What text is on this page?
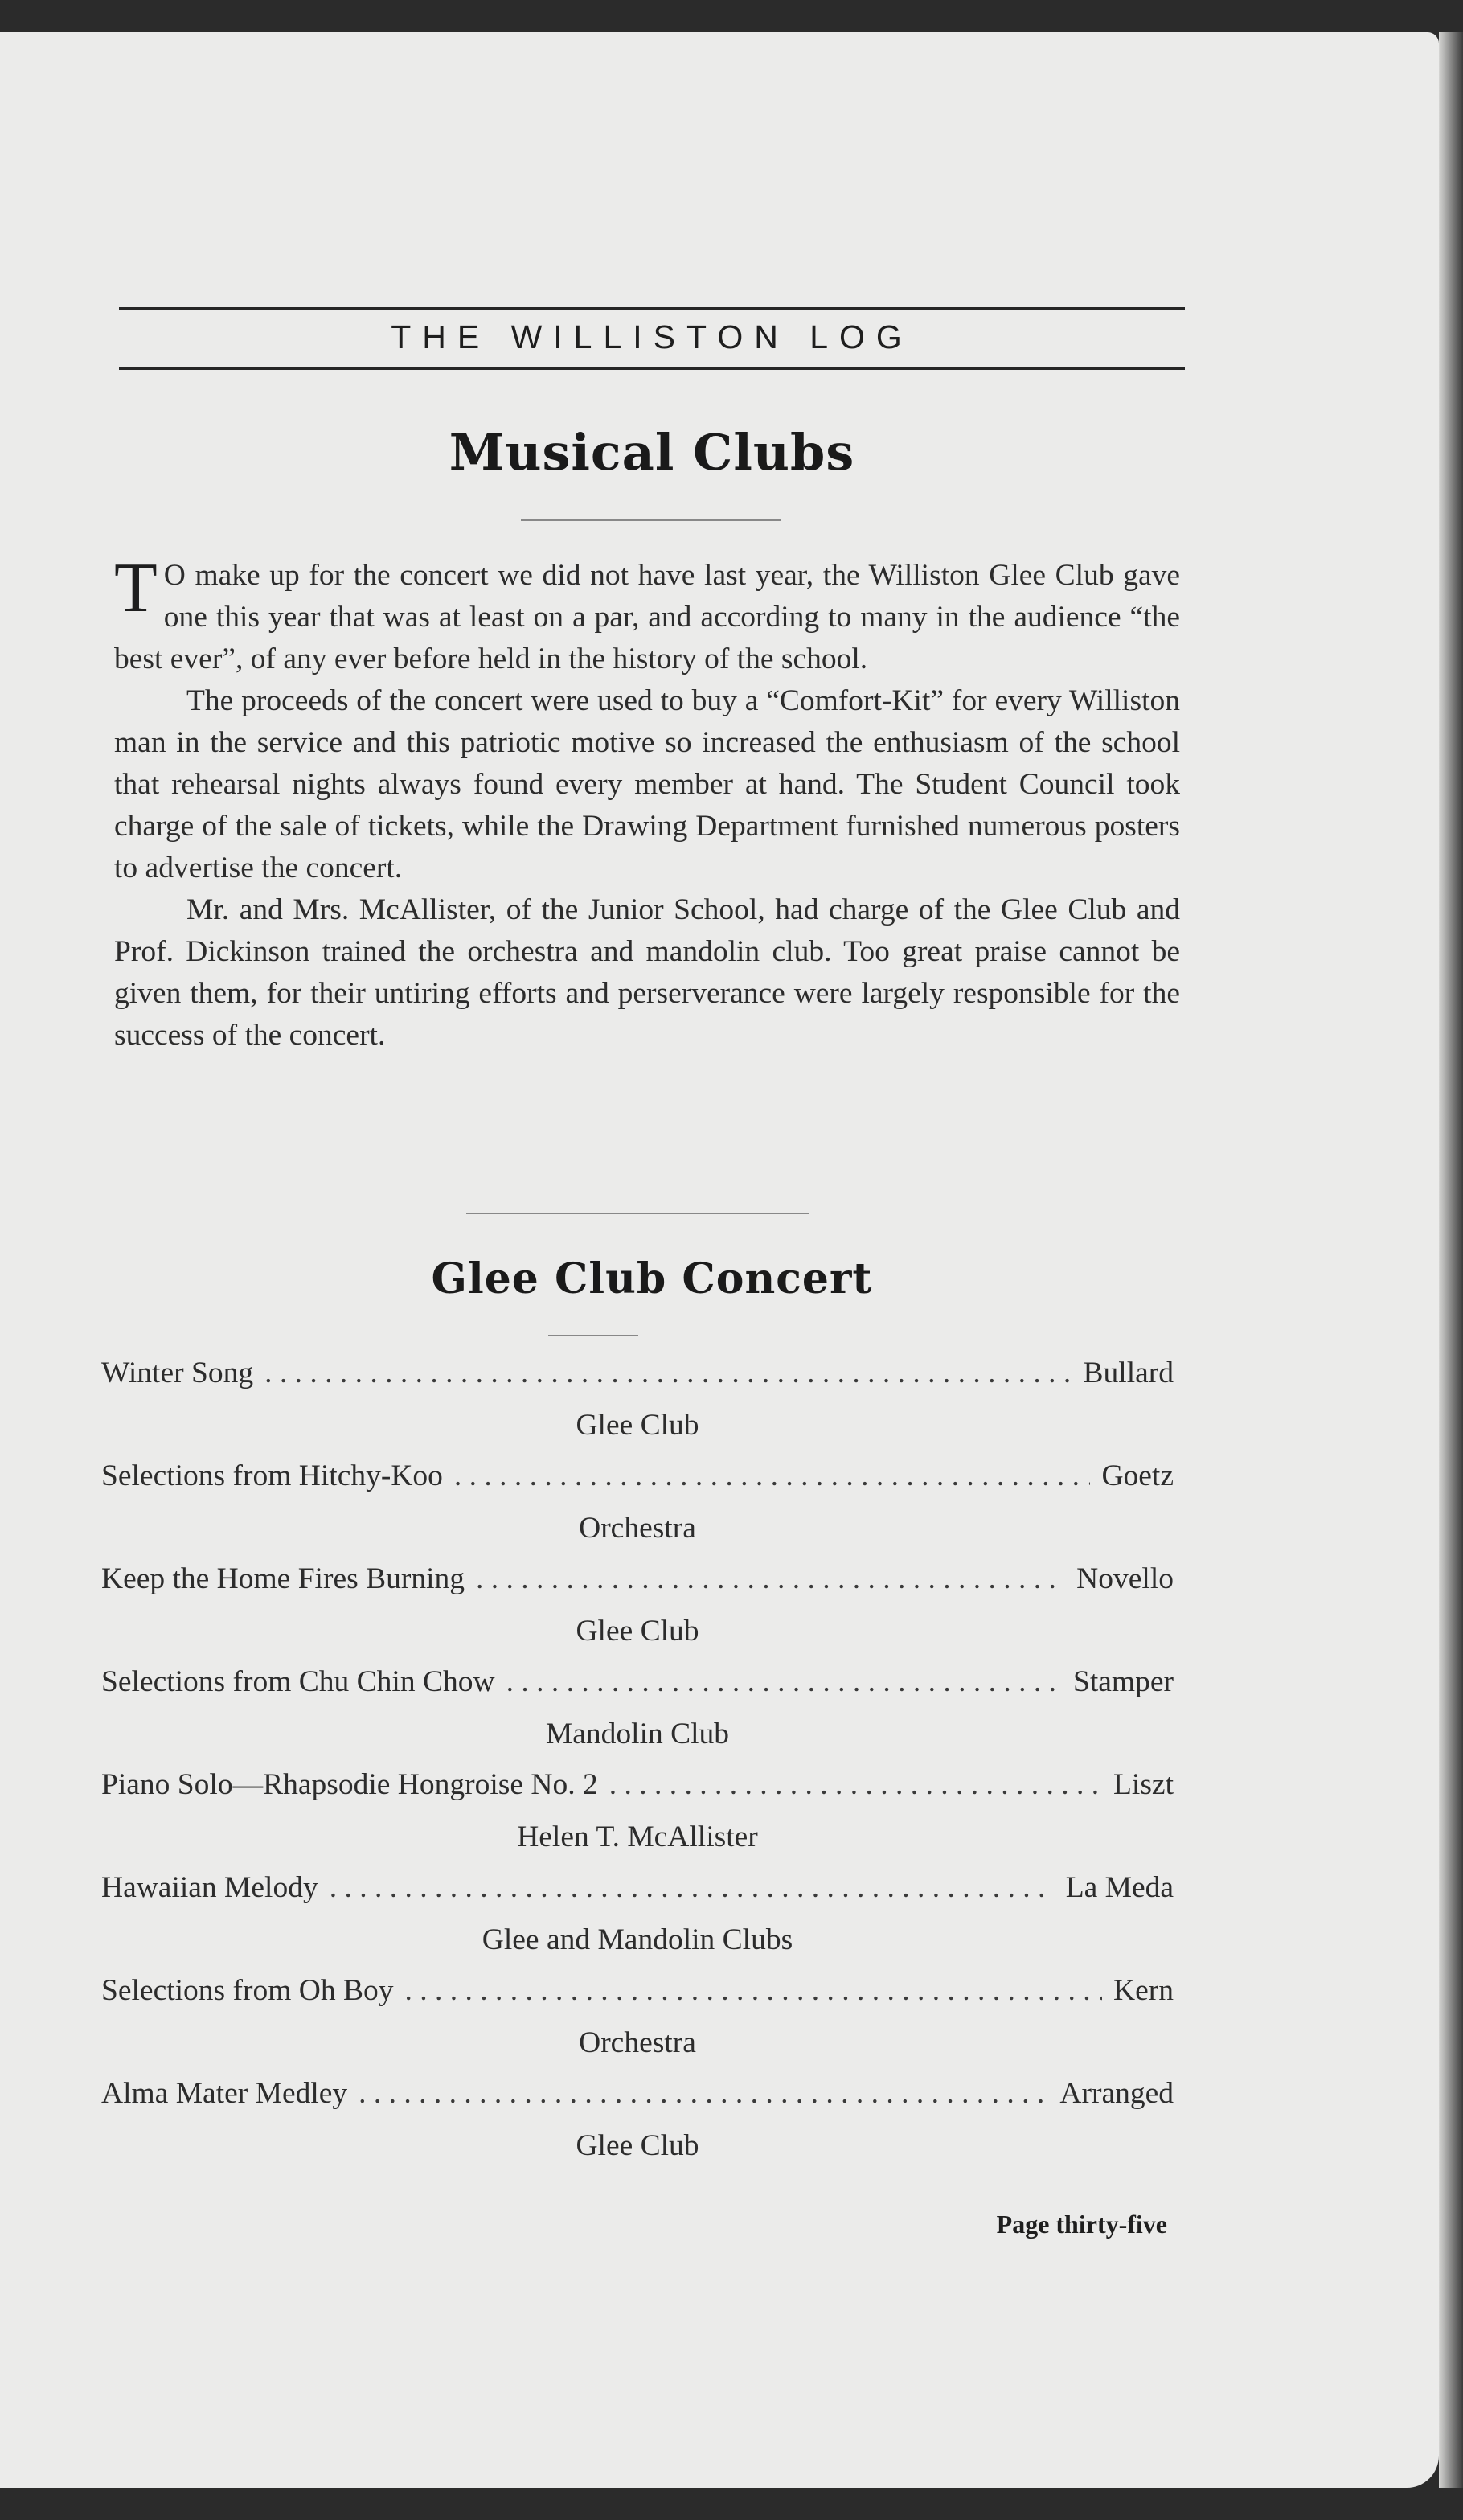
THE WILLISTON LOG
Musical Clubs

T O make up for the concert we did not have last year, the Williston Glee Club gave one this year that was at least on a par, and according to many in the audience “the best ever”, of any ever before held in the history of the school.

The proceeds of the concert were used to buy a “Comfort-Kit” for every Williston man in the service and this patriotic motive so increased the enthusiasm of the school that rehearsal nights always found every member at hand. The Student Council took charge of the sale of tickets, while the Drawing Department furnished numerous posters to advertise the concert.

Mr. and Mrs. McAllister, of the Junior School, had charge of the Glee Club and Prof. Dickinson trained the orchestra and mandolin club. Too great praise cannot be given them, for their untiring efforts and perserverance were largely responsible for the success of the concert.

Glee Club Concert
Winter Song . . .	Bullard
Glee Club
Selections from Hitchy-Koo . . .	Goetz
Orchestra
Keep the Home Fires Burning . . .	Novello
Glee Club
Selections from Chu Chin Chow . . .	Stamper
Mandolin Club
Piano Solo—Rhapsodie Hongroise No. 2 . . .	Liszt
Helen T. McAllister
Hawaiian Melody . . .	La Meda
Glee and Mandolin Clubs
Selections from Oh Boy . . .	Kern
Orchestra
Alma Mater Medley . . .	Arranged
Glee Club
Page thirty-five
